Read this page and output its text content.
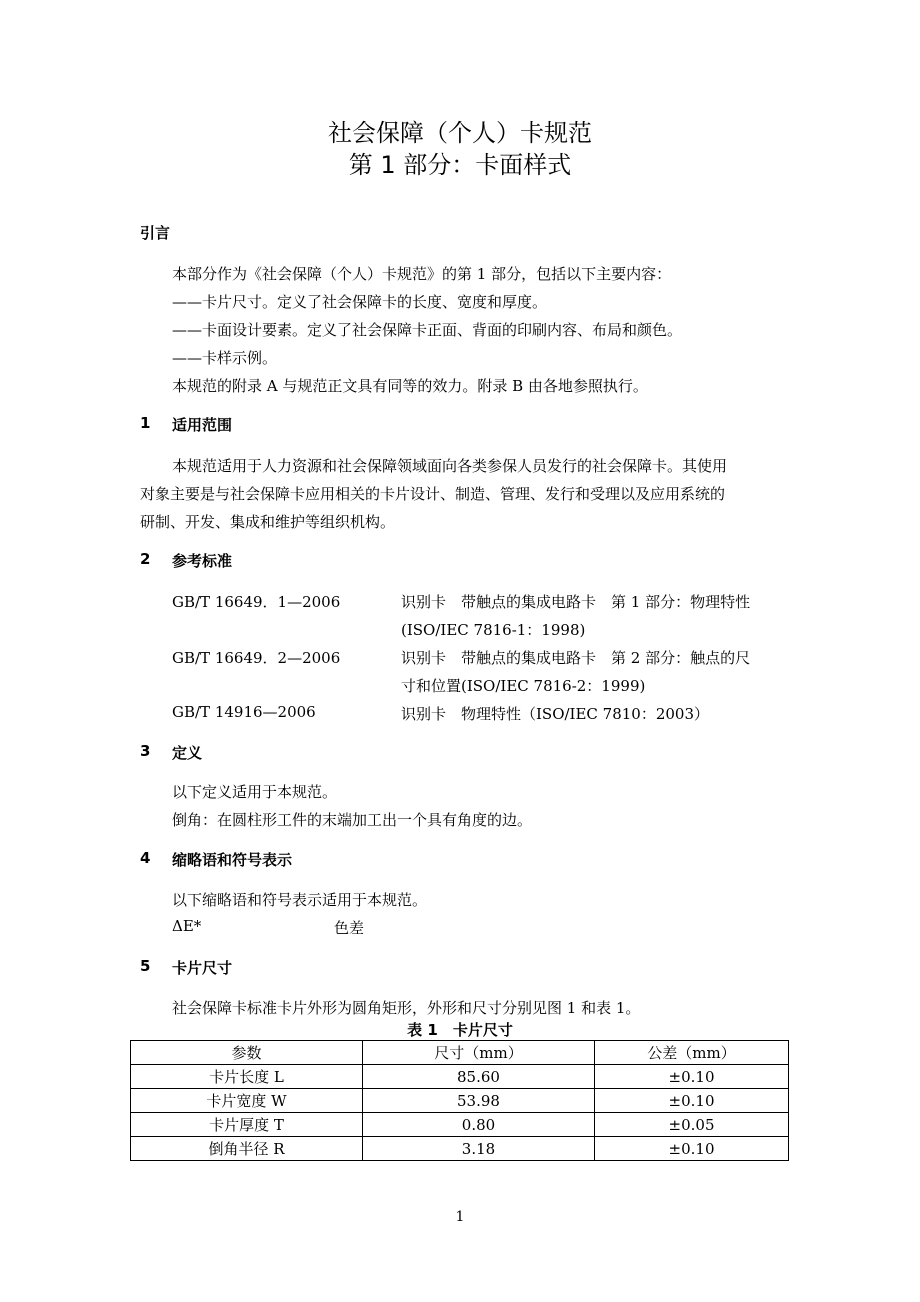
社会保障（个人）卡规范
第 1 部分：卡面样式
引言
本部分作为《社会保障（个人）卡规范》的第 1 部分，包括以下主要内容：
——卡片尺寸。定义了社会保障卡的长度、宽度和厚度。
——卡面设计要素。定义了社会保障卡正面、背面的印刷内容、布局和颜色。
——卡样示例。
本规范的附录 A 与规范正文具有同等的效力。附录 B 由各地参照执行。
1 适用范围
本规范适用于人力资源和社会保障领域面向各类参保人员发行的社会保障卡。其使用
对象主要是与社会保障卡应用相关的卡片设计、制造、管理、发行和受理以及应用系统的
研制、开发、集成和维护等组织机构。
2 参考标准
GB/T 16649．1—2006	识别卡　带触点的集成电路卡　第 1 部分：物理特性
(ISO/IEC 7816-1：1998)
GB/T 16649．2—2006	识别卡　带触点的集成电路卡　第 2 部分：触点的尺
寸和位置(ISO/IEC 7816-2：1999)
GB/T 14916—2006	识别卡　物理特性（ISO/IEC 7810：2003）
3 定义
以下定义适用于本规范。
倒角：在圆柱形工件的末端加工出一个具有角度的边。
4 缩略语和符号表示
以下缩略语和符号表示适用于本规范。
ΔE*	色差
5 卡片尺寸
社会保障卡标准卡片外形为圆角矩形，外形和尺寸分别见图 1 和表 1。
表 1　卡片尺寸
参数	尺寸（mm）	公差（mm）
卡片长度 L	85.60	±0.10
卡片宽度 W	53.98	±0.10
卡片厚度 T	0.80	±0.05
倒角半径 R	3.18	±0.10
1
